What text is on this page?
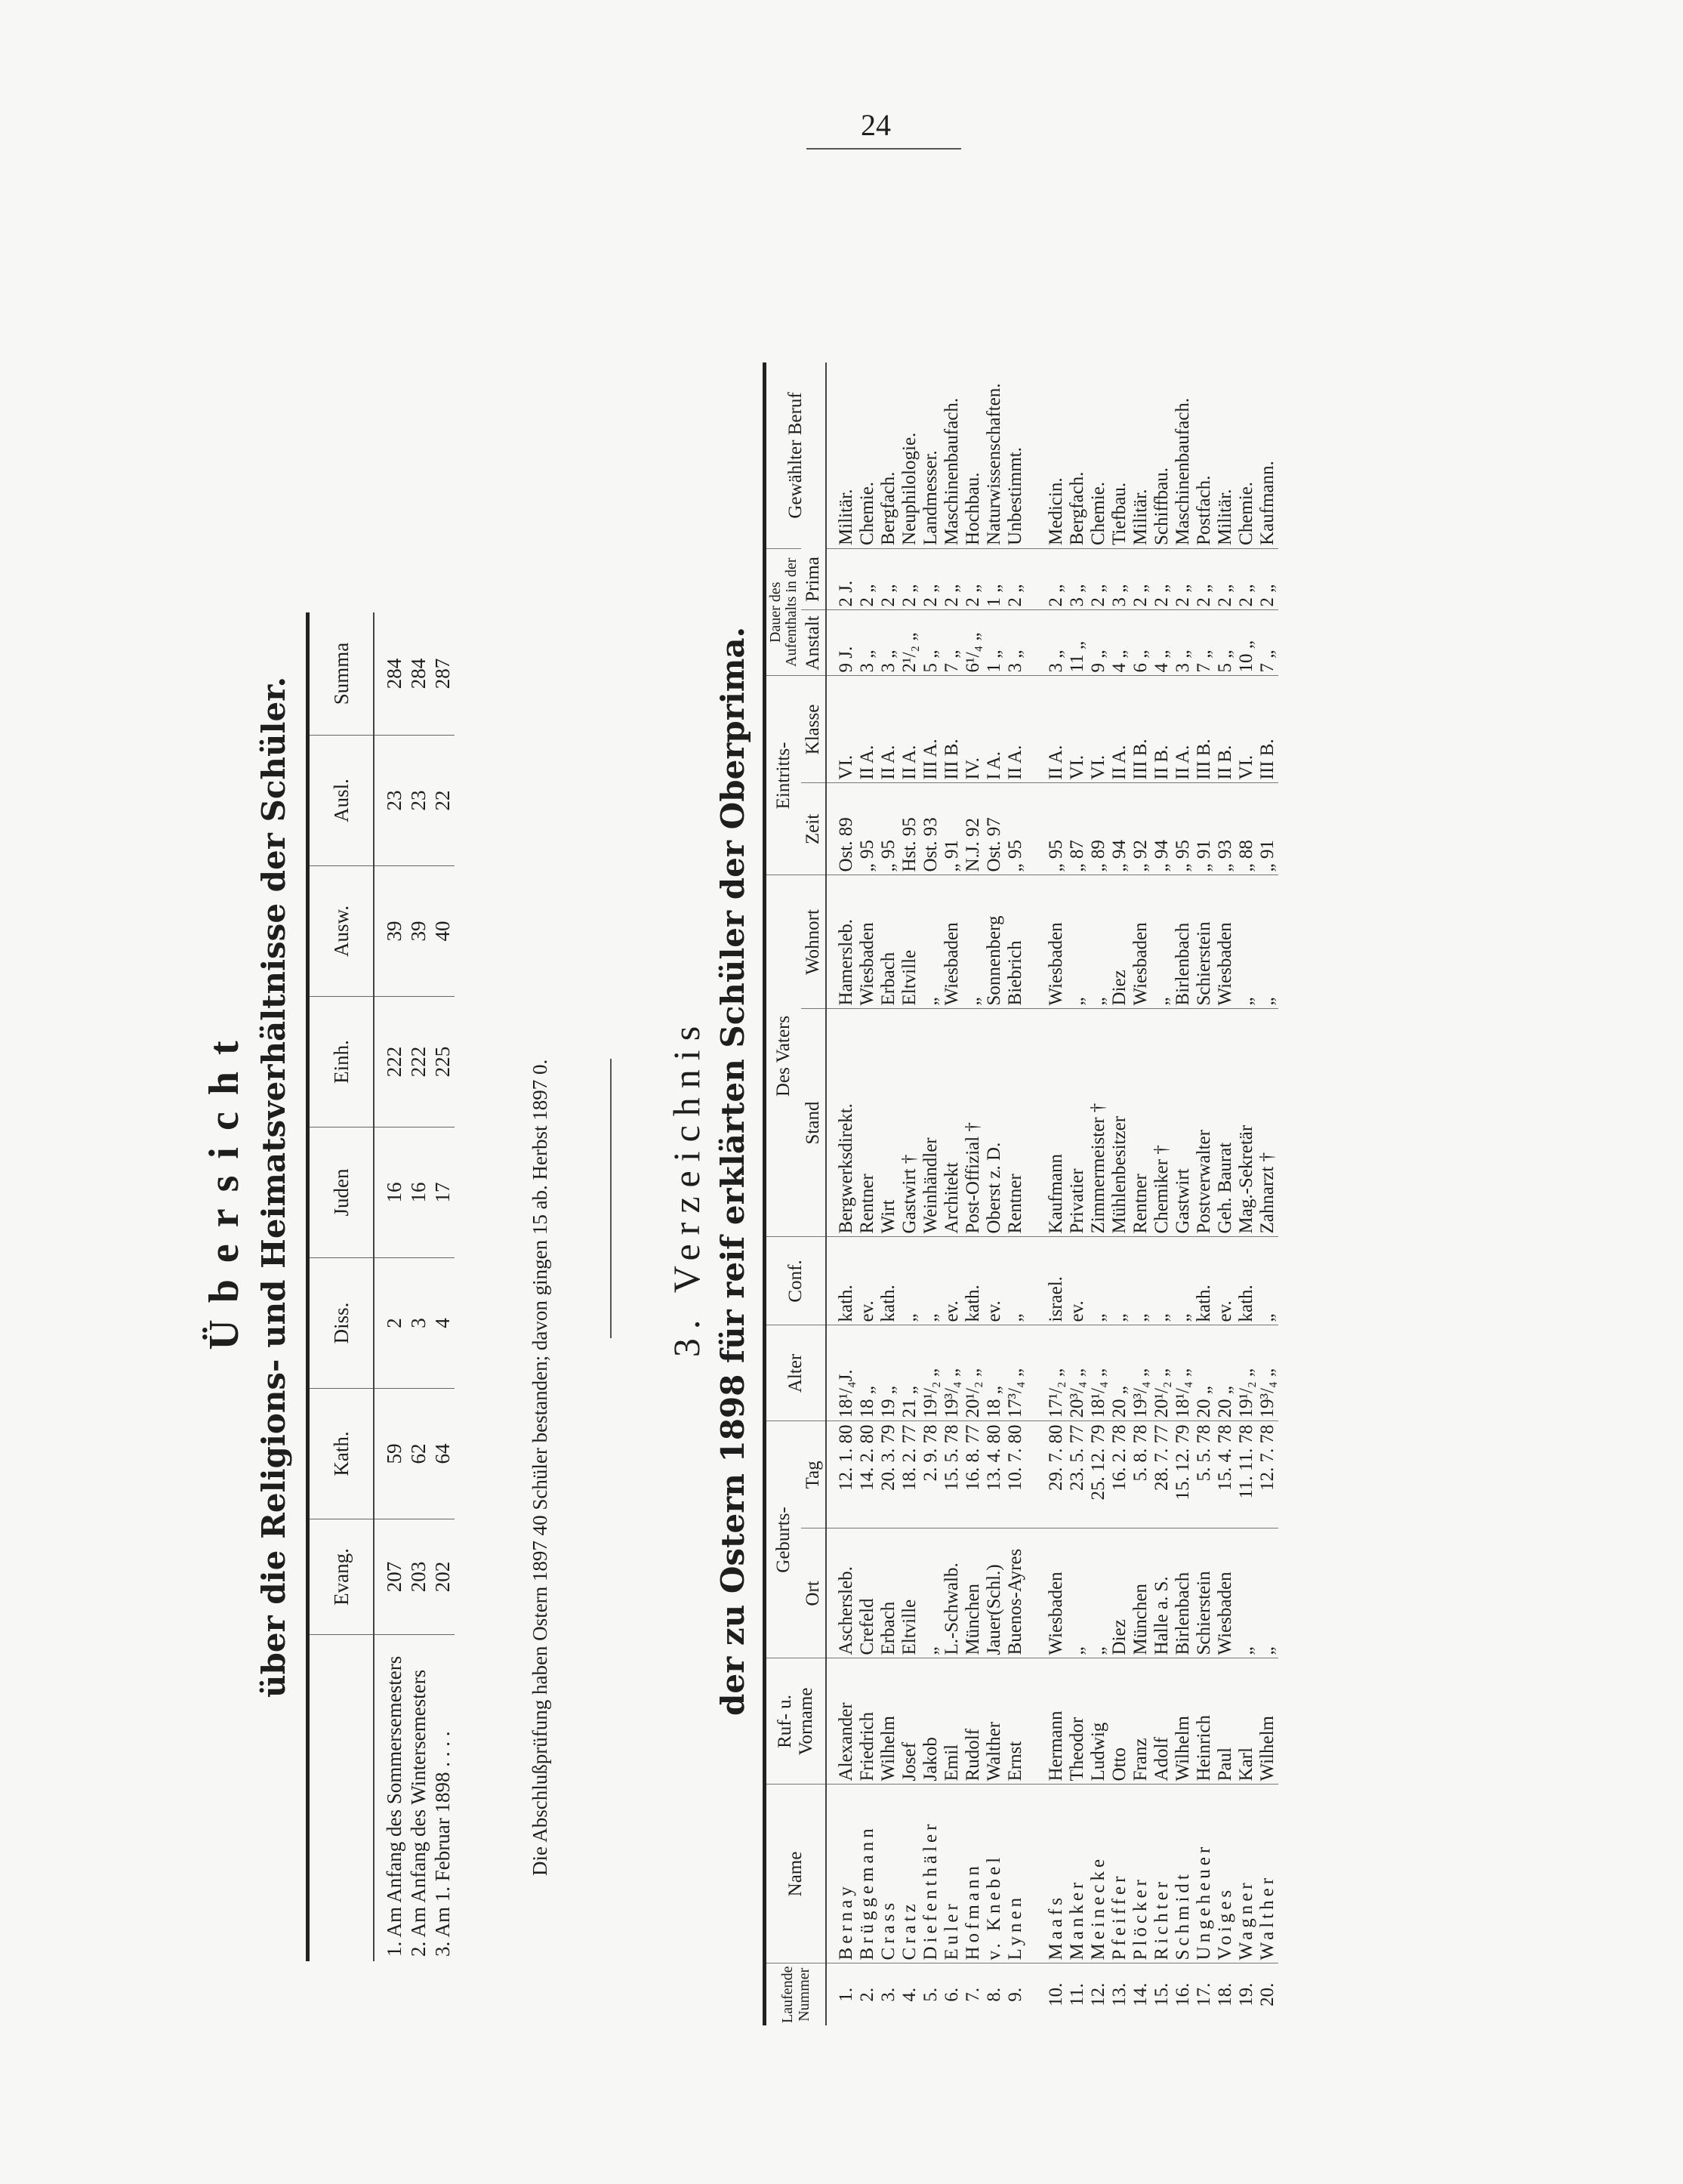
24
Übersicht über die Religions- und Heimatsverhältnisse der Schüler.
	Evang.	Kath.	Diss.	Juden	Einh.	Ausw.	Ausl.	Summa
1. Am Anfang des Sommersemesters	207	59	2	16	222	39	23	284
2. Am Anfang des Wintersemesters	203	62	3	16	222	39	23	284
3. Am 1. Februar 1898 . . . .	202	64	4	17	225	40	22	287
Die Abschlußprüfung haben Ostern 1897 40 Schüler bestanden; davon gingen 15 ab. Herbst 1897 0.	3. Verzeichnis der zu Ostern 1898 für reif erklärten Schüler der Oberprima.
Laufende Nummer	Name	Ruf- u. Vorname	Geburts-		Alter	Conf.	Des Vaters		Eintritts-		Dauer des Aufenthalts in der		Gewählter Beruf
			Ort	Tag			Stand	Wohnort	Zeit	Klasse	Anstalt	Prima	
1.	Bernay	Alexander	Aschersleb.	12. 1. 80	18¹/₄J.	kath.	Bergwerksdirekt.	Hamersleb.	Ost. 89	VI.	9 J.	2 J.	Militär.
2.	Brüggemann	Friedrich	Crefeld	14. 2. 80	18 „	ev.	Rentner	Wiesbaden	„ 95	II A.	3 „	2 „	Chemie.
3.	Crass	Wilhelm	Erbach	20. 3. 79	19 „	kath.	Wirt	Erbach	„ 95	II A.	3 „	2 „	Bergfach.
4.	Cratz	Josef	Eltville	18. 2. 77	21 „	„	Gastwirt †	Eltville	Hst. 95	II A.	2¹/₂ „	2 „	Neuphilologie.
5.	Diefenthäler	Jakob	„	2. 9. 78	19¹/₂ „	„	Weinhändler	„	Ost. 93	III A.	5 „	2 „	Landmesser.
6.	Euler	Emil	L.-Schwalb.	15. 5. 78	19³/₄ „	ev.	Architekt	Wiesbaden	„ 91	III B.	7 „	2 „	Maschinenbaufach.
7.	Hofmann	Rudolf	München	16. 8. 77	20¹/₂ „	kath.	Post-Offizial †	„	N.J. 92	IV.	6¹/₄ „	2 „	Hochbau.
8.	v. Knebel	Walther	Jauer(Schl.)	13. 4. 80	18 „	ev.	Oberst z. D.	Sonnenberg	Ost. 97	I A.	1 „	1 „	Naturwissenschaften.
9.	Lynen	Ernst	Buenos-Ayres	10. 7. 80	17³/₄ „	„	Rentner	Biebrich	„ 95	II A.	3 „	2 „	Unbestimmt.
10.	Maafs	Hermann	Wiesbaden	29. 7. 80	17¹/₂ „	israel.	Kaufmann	Wiesbaden	„ 95	II A.	3 „	2 „	Medicin.
11.	Manker	Theodor	„	23. 5. 77	20³/₄ „	ev.	Privatier	„	„ 87	VI.	11 „	3 „	Bergfach.
12.	Meinecke	Ludwig	„	25. 12. 79	18¹/₄ „	„	Zimmermeister †	„	„ 89	VI.	9 „	2 „	Chemie.
13.	Pfeiffer	Otto	Diez	16. 2. 78	20 „	„	Mühlenbesitzer	Diez	„ 94	II A.	4 „	3 „	Tiefbau.
14.	Plöcker	Franz	München	5. 8. 78	19³/₄ „	„	Rentner	Wiesbaden	„ 92	III B.	6 „	2 „	Militär.
15.	Richter	Adolf	Halle a. S.	28. 7. 77	20¹/₂ „	„	Chemiker †	„	„ 94	II B.	4 „	2 „	Schiffbau.
16.	Schmidt	Wilhelm	Birlenbach	15. 12. 79	18¹/₄ „	„	Gastwirt	Birlenbach	„ 95	II A.	3 „	2 „	Maschinenbaufach.
17.	Ungeheuer	Heinrich	Schierstein	5. 5. 78	20 „	kath.	Postverwalter	Schierstein	„ 91	III B.	7 „	2 „	Postfach.
18.	Voiges	Paul	Wiesbaden	15. 4. 78	20 „	ev.	Geh. Baurat	Wiesbaden	„ 93	II B.	5 „	2 „	Militär.
19.	Wagner	Karl	„	11. 11. 78	19¹/₂ „	kath.	Mag.-Sekretär	„	„ 88	VI.	10 „	2 „	Chemie.
20.	Walther	Wilhelm	„	12. 7. 78	19³/₄ „	„	Zahnarzt †	„	„ 91	III B.	7 „	2 „	Kaufmann.
